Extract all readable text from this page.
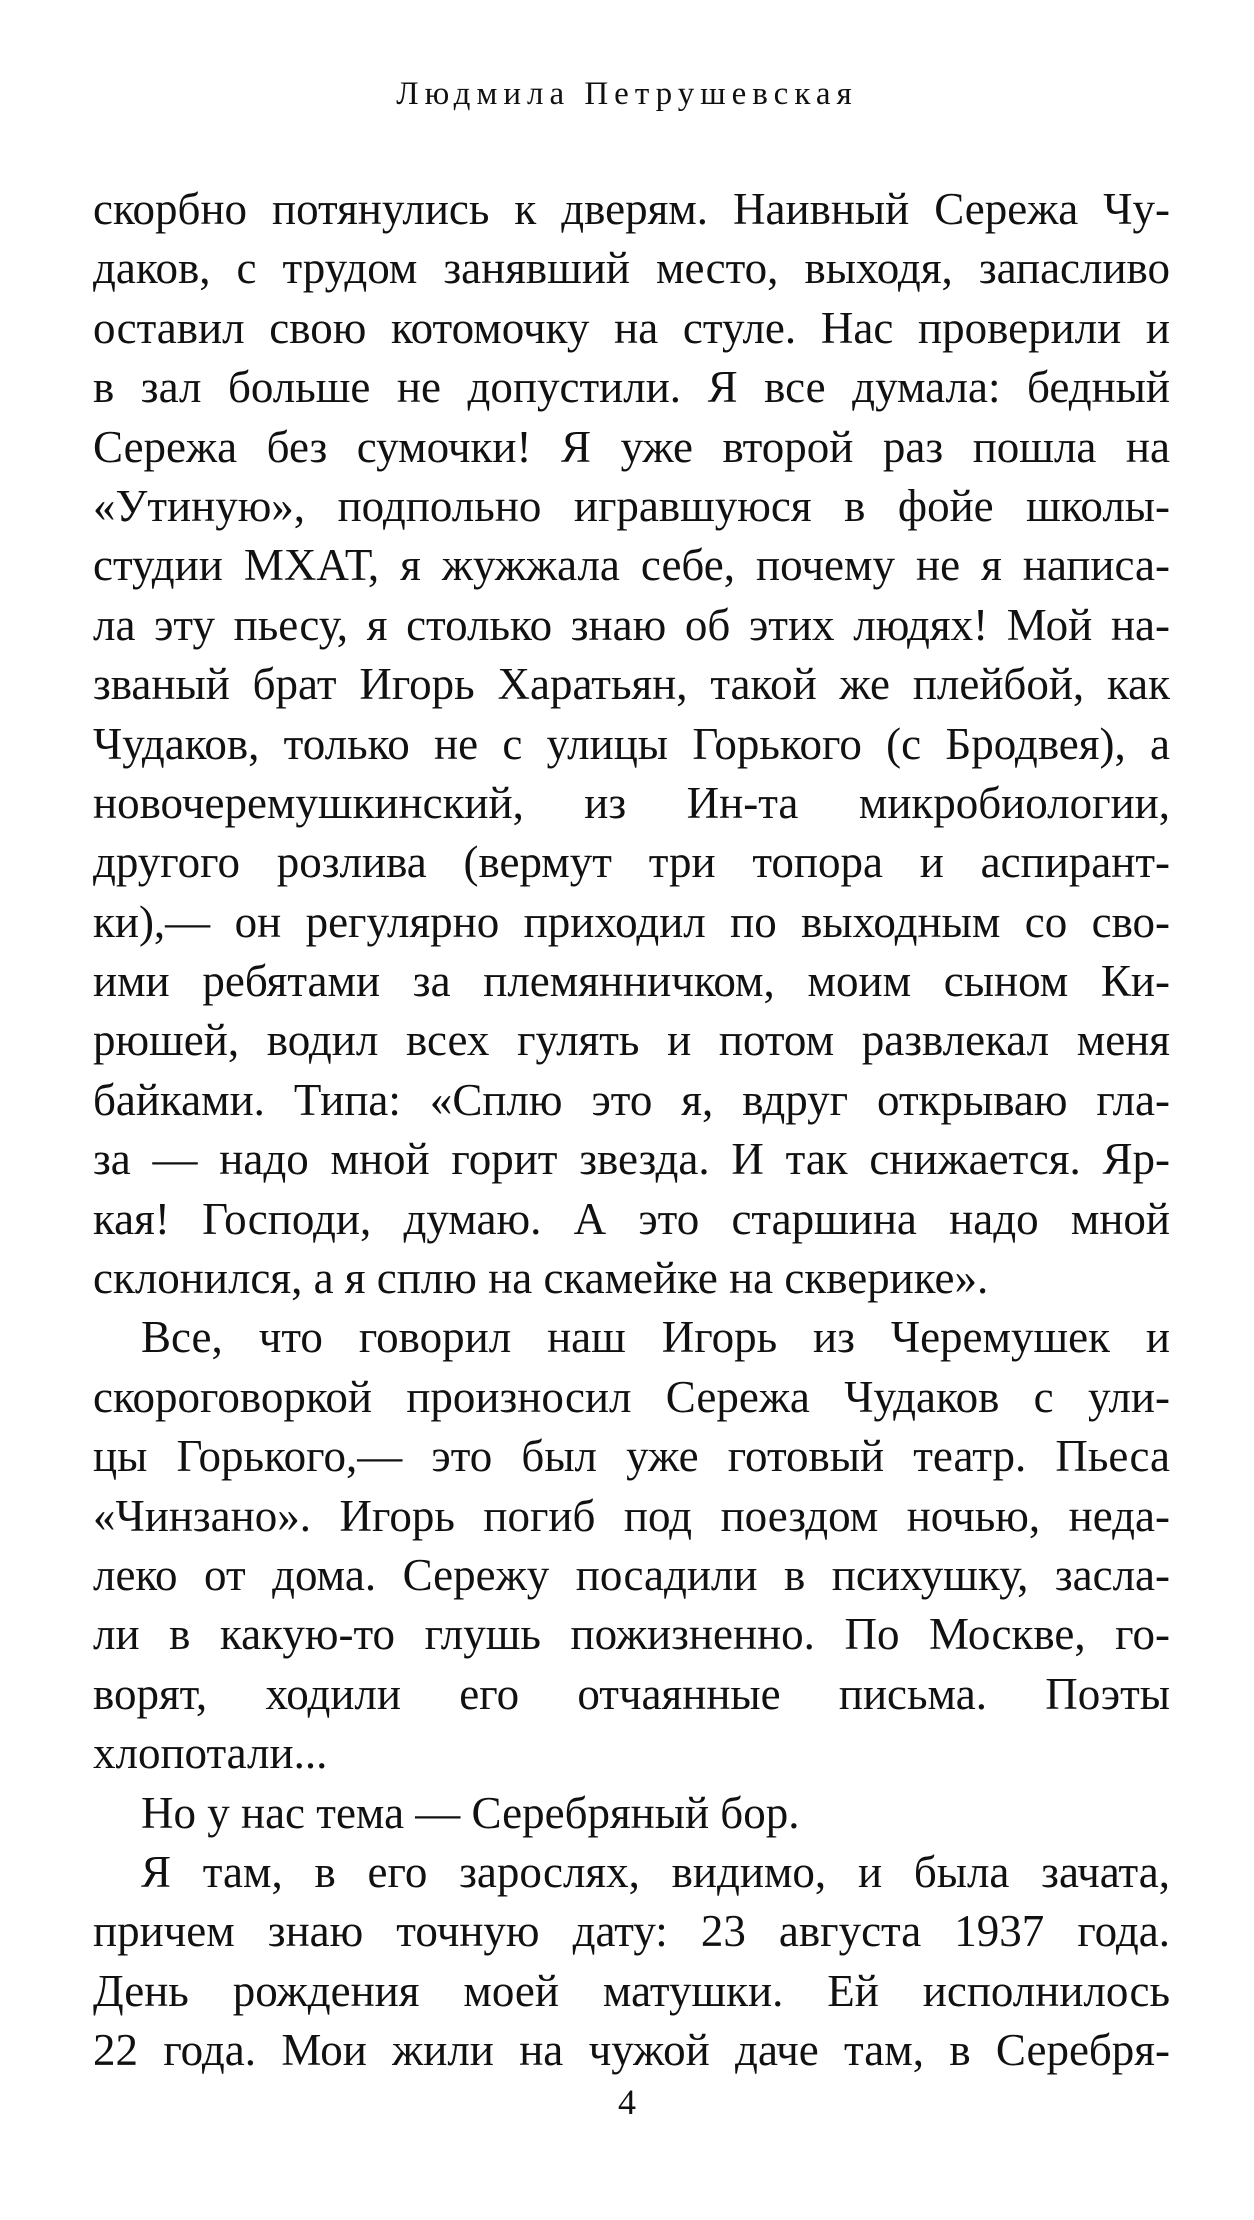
Людмила Петрушевская
скорбно потянулись к дверям. Наивный Сережа Чу-
даков, с трудом занявший место, выходя, запасливо
оставил свою котомочку на стуле. Нас проверили и
в зал больше не допустили. Я все думала: бедный
Сережа без сумочки! Я уже второй раз пошла на
«Утиную», подпольно игравшуюся в фойе школы-
студии МХАТ, я жужжала себе, почему не я написа-
ла эту пьесу, я столько знаю об этих людях! Мой на-
званый брат Игорь Харатьян, такой же плейбой, как
Чудаков, только не с улицы Горького (с Бродвея), а
новочеремушкинский, из Ин-та микробиологии,
другого розлива (вермут три топора и аспирант-
ки),— он регулярно приходил по выходным со сво-
ими ребятами за племянничком, моим сыном Ки-
рюшей, водил всех гулять и потом развлекал меня
байками. Типа: «Сплю это я, вдруг открываю гла-
за — надо мной горит звезда. И так снижается. Яр-
кая! Господи, думаю. А это старшина надо мной
склонился, а я сплю на скамейке на скверике».
Все, что говорил наш Игорь из Черемушек и
скороговоркой произносил Сережа Чудаков с ули-
цы Горького,— это был уже готовый театр. Пьеса
«Чинзано». Игорь погиб под поездом ночью, неда-
леко от дома. Сережу посадили в психушку, засла-
ли в какую-то глушь пожизненно. По Москве, го-
ворят, ходили его отчаянные письма. Поэты
хлопотали...
Но у нас тема — Серебряный бор.
Я там, в его зарослях, видимо, и была зачата,
причем знаю точную дату: 23 августа 1937 года.
День рождения моей матушки. Ей исполнилось
22 года. Мои жили на чужой даче там, в Серебря-
4
